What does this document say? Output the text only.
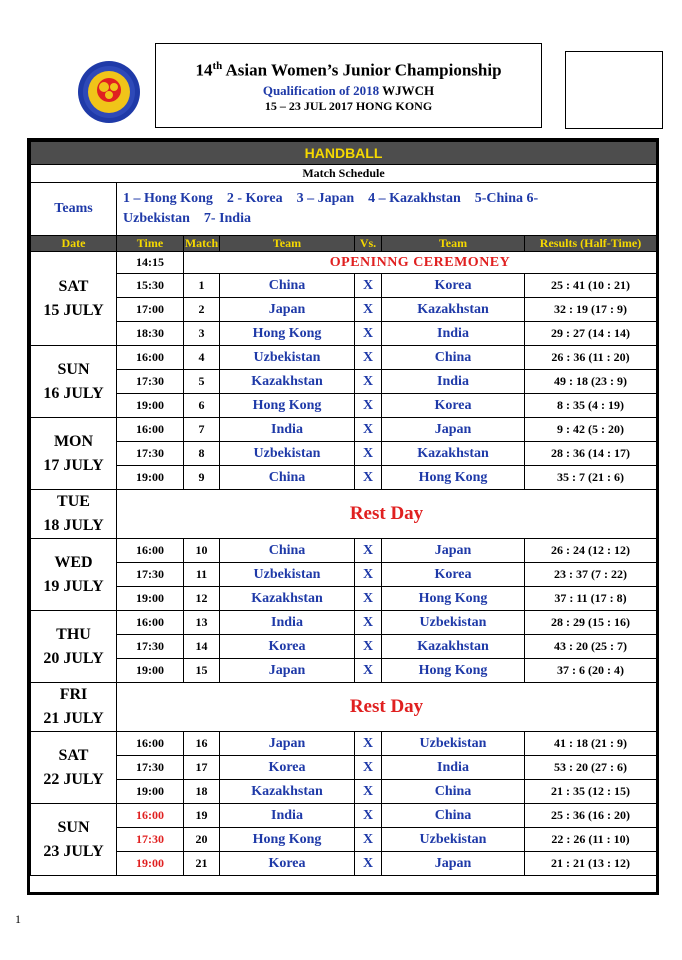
14th Asian Women’s Junior Championship
Qualification of 2018 WJWCH
15 – 23 JUL 2017 HONG KONG
HANDBALL						
Match Schedule						
Teams	1 – Hong Kong 2 - Korea 3 – Japan 4 – Kazakhstan 5-China 6-
Uzbekistan 7- India					
Date	Time	Match	Team	Vs.	Team	Results (Half-Time)

SAT
15 JULY	14:15	OPENINNG CEREMONEY				
	15:30	1	China	X	Korea	25 : 41 (10 : 21)
	17:00	2	Japan	X	Kazakhstan	32 : 19 (17 : 9)
	18:30	3	Hong Kong	X	India	29 : 27 (14 : 14)

SUN
16 JULY	16:00	4	Uzbekistan	X	China	26 : 36 (11 : 20)
	17:30	5	Kazakhstan	X	India	49 : 18 (23 : 9)
	19:00	6	Hong Kong	X	Korea	8 : 35 (4 : 19)

MON
17 JULY	16:00	7	India	X	Japan	9 : 42 (5 : 20)
	17:30	8	Uzbekistan	X	Kazakhstan	28 : 36 (14 : 17)
	19:00	9	China	X	Hong Kong	35 : 7 (21 : 6)

TUE
18 JULY	Rest Day					

WED
19 JULY	16:00	10	China	X	Japan	26 : 24 (12 : 12)
	17:30	11	Uzbekistan	X	Korea	23 : 37 (7 : 22)
	19:00	12	Kazakhstan	X	Hong Kong	37 : 11 (17 : 8)

THU
20 JULY	16:00	13	India	X	Uzbekistan	28 : 29 (15 : 16)
	17:30	14	Korea	X	Kazakhstan	43 : 20 (25 : 7)
	19:00	15	Japan	X	Hong Kong	37 : 6 (20 : 4)

FRI
21 JULY	Rest Day					

SAT
22 JULY	16:00	16	Japan	X	Uzbekistan	41 : 18 (21 : 9)
	17:30	17	Korea	X	India	53 : 20 (27 : 6)
	19:00	18	Kazakhstan	X	China	21 : 35 (12 : 15)

SUN
23 JULY	16:00	19	India	X	China	25 : 36 (16 : 20)
	17:30	20	Hong Kong	X	Uzbekistan	22 : 26 (11 : 10)
	19:00	21	Korea	X	Japan	21 : 21 (13 : 12)
1
